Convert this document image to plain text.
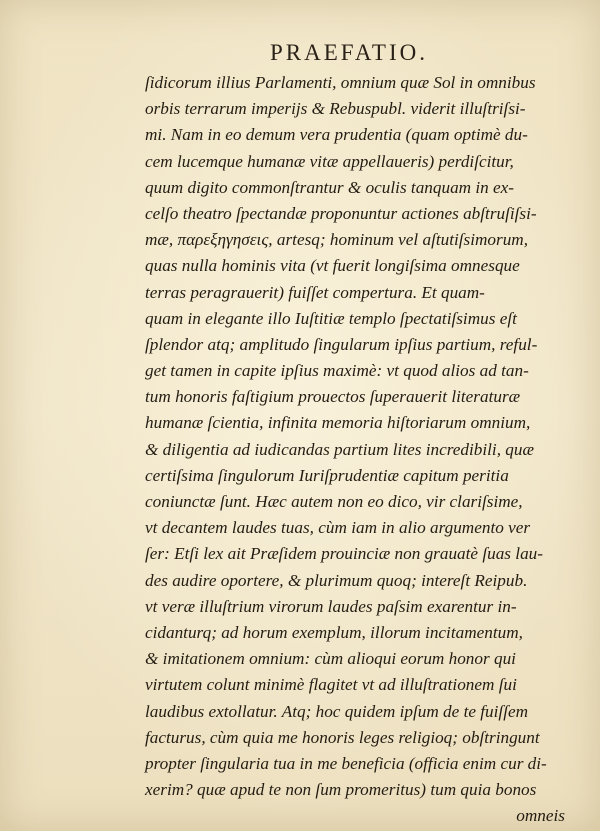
PRAEFATIO.
ſidicorum illius Parlamenti, omnium quæ Sol in omnibus
orbis terrarum imperijs & Rebuspubl. viderit illuſtriſsi-
mi. Nam in eo demum vera prudentia (quam optimè du-
cem lucemque humanæ vitæ appellaueris) perdiſcitur,
quum digito commonſtrantur & oculis tanquam in ex-
celſo theatro ſpectandæ proponuntur actiones abſtruſiſsi-
mæ, παρεξηγησεις, artesq; hominum vel aſtutiſsimorum,
quas nulla hominis vita (vt fuerit longiſsima omnesque
terras peragrauerit) fuiſſet compertura. Et quam-
quam in elegante illo Iuſtitiæ templo ſpectatiſsimus eſt
ſplendor atq; amplitudo ſingularum ipſius partium, reful-
get tamen in capite ipſius maximè: vt quod alios ad tan-
tum honoris faſtigium prouectos ſuperauerit literaturæ
humanæ ſcientia, infinita memoria hiſtoriarum omnium,
& diligentia ad iudicandas partium lites incredibili, quæ
certiſsima ſingulorum Iuriſprudentiæ capitum peritia
coniunctæ ſunt. Hæc autem non eo dico, vir clariſsime,
vt decantem laudes tuas, cùm iam in alio argumento ver
ſer: Etſi lex ait Præſidem prouinciæ non grauatè ſuas lau-
des audire oportere, & plurimum quoq; intereſt Reipub.
vt veræ illuſtrium virorum laudes paſsim exarentur in-
cidanturq; ad horum exemplum, illorum incitamentum,
& imitationem omnium: cùm alioqui eorum honor qui
virtutem colunt minimè flagitet vt ad illuſtrationem ſui
laudibus extollatur. Atq; hoc quidem ipſum de te fuiſſem
facturus, cùm quia me honoris leges religioq; obſtringunt
propter ſingularia tua in me beneficia (officia enim cur di-
xerim? quæ apud te non ſum promeritus) tum quia bonos
omneis
